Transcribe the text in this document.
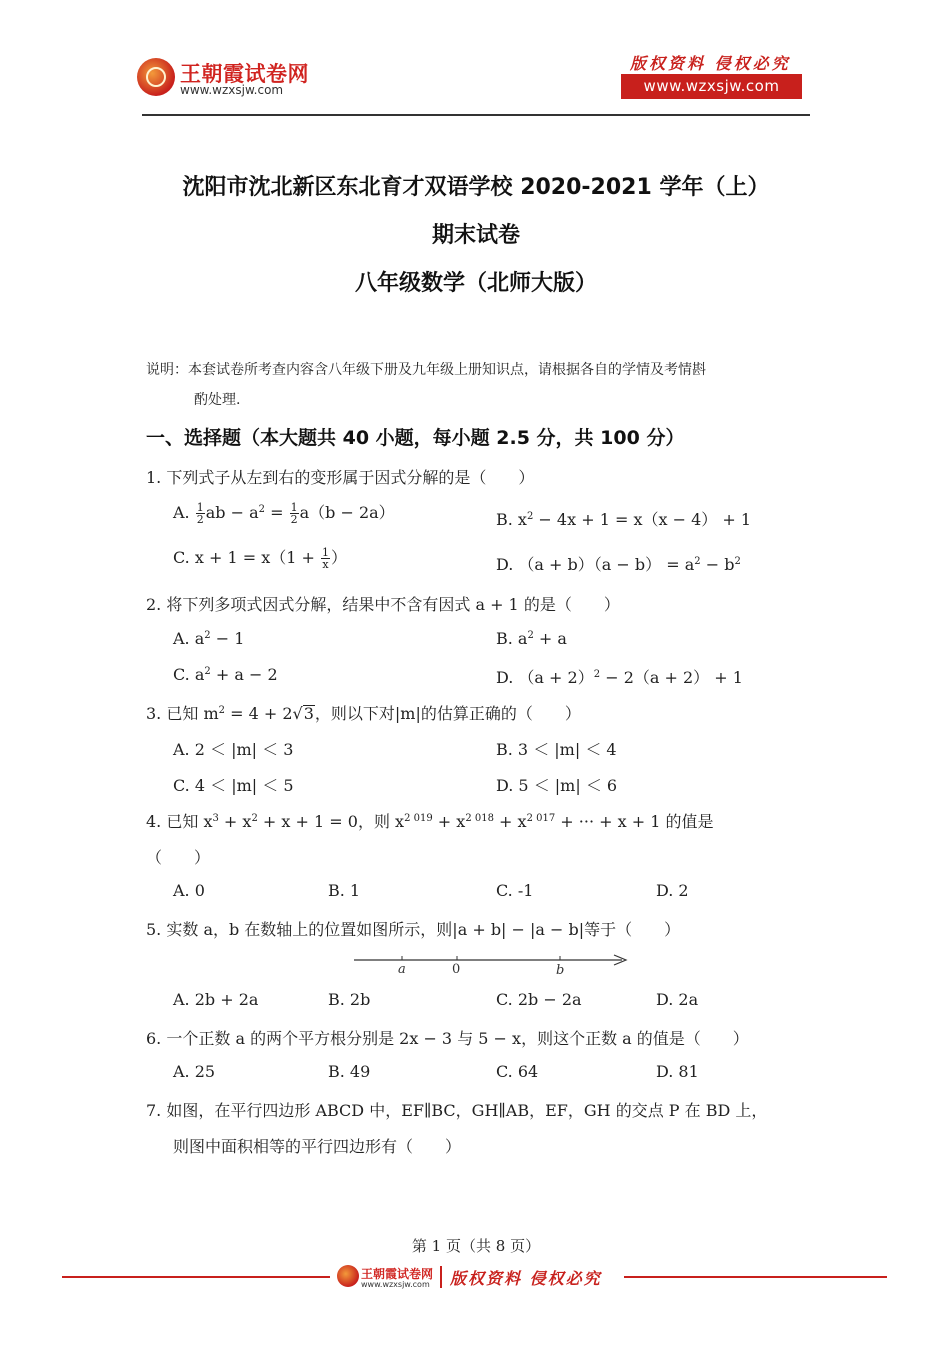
王朝霞试卷网
www.wzxsjw.com
版权资料 侵权必究
www.wzxsjw.com
沈阳市沈北新区东北育才双语学校 2020-2021 学年（上）
期末试卷
八年级数学（北师大版）
说明：本套试卷所考查内容含八年级下册及九年级上册知识点，请根据各自的学情及考情斟
酌处理.
一、选择题（本大题共 40 小题，每小题 2.5 分，共 100 分）
1. 下列式子从左到右的变形属于因式分解的是（　　）
A. $\frac{1}{2}$ ab − $a^2 = \frac{1}{2} a(b - 2a)$	B. $x^2 - 4x + 1 = x(x - 4) + 1$
C. $x + 1 = x(1 + \frac{1}{x}$ ）	D. $(a + b)(a - b) = a^2 - b^2$
2. 将下列多项式因式分解，结果中不含有因式 a + 1 的是（　　）
A. $a^2 - 1$	B. $a^2 + a$
C. $a^2 + a - 2$	D. $(a + 2)^2 - 2(a + 2) + 1$
3. 已知 $m^2 = 4 + 2√3$，则以下对|m|的估算正确的（　　）
A. 2 ＜ |m| ＜ 3	B. 3 ＜ |m| ＜ 4
C. 4 ＜ |m| ＜ 5	D. 5 ＜ |m| ＜ 6
4. 已知 $x^3 + x^2 + x + 1 = 0$，则 $x^{2 019} + x^{2 018} + x^{2 017}$ + ··· + x + 1 的值是
（　　）
A. 0	B. 1	C. -1	D. 2
5. 实数 a，b 在数轴上的位置如图所示，则|a + b| − |a − b|等于（　　）
a	0	b
A. 2b + 2a	B. 2b	C. 2b − 2a	D. 2a
6. 一个正数 a 的两个平方根分别是 2x − 3 与 5 − x，则这个正数 a 的值是（　　）
A. 25	B. 49	C. 64	D. 81
7. 如图，在平行四边形 ABCD 中，EF∥BC，GH∥AB，EF，GH 的交点 P 在 BD 上，
则图中面积相等的平行四边形有（　　）
第 1 页（共 8 页）
王朝霞试卷网
www.wzxsjw.com 版权资料 侵权必究
